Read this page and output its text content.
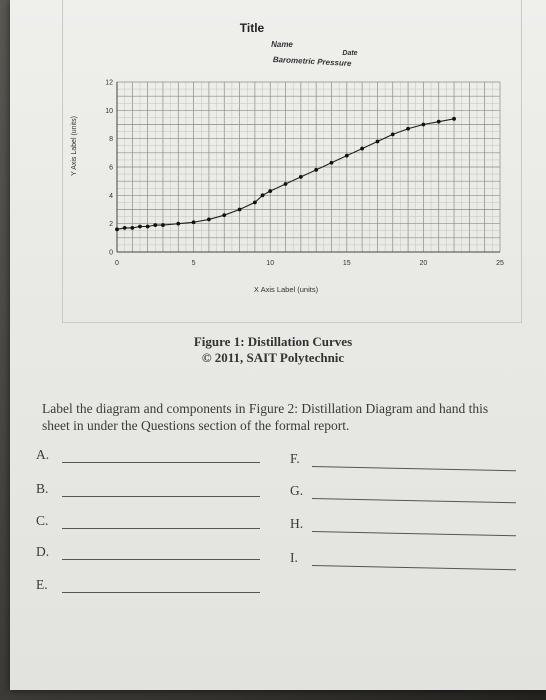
Title
Name
Date
Barometric Pressure
0	5	10	15	20	25
0
2
4
6
8
10
12
X Axis Label (units)
Y Axis Label (units)
Figure 1: Distillation Curves
© 2011, SAIT Polytechnic
Label the diagram and components in Figure 2: Distillation Diagram and hand this sheet in under the Questions section of the formal report.
A.
B.
C.
D.
E.
F.
G.
H.
I.
